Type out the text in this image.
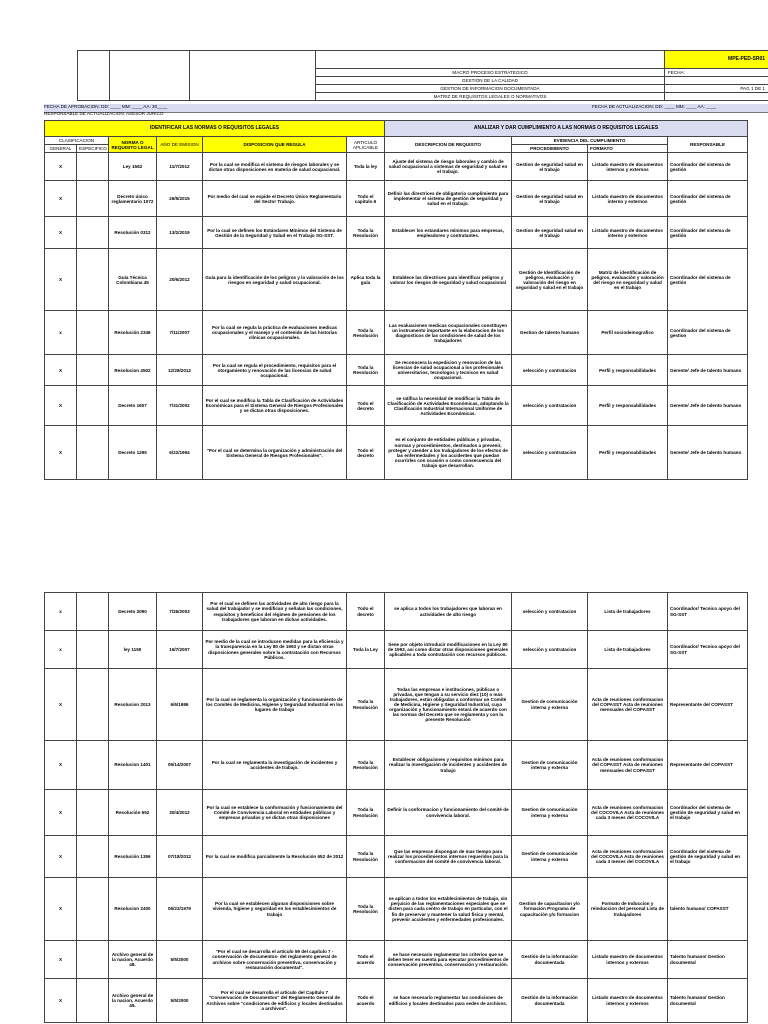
				MPE-PED-SR01

			MACRO PROCESO ESTRATEGICO	FECHA:
			GESTION DE LA CALIDAD	
			GESTION DE INFORMACION DOCUMENTADA	PAG 1 DE 1
			MATRIZ DE REQUISITOS LEGALES O NORMATIVOS	
FECHA DE APROBACION: DD: ____ MM: ____ AA: 20____	FECHA DE ACTUALIZACION: DD: ____ MM: ____ AA: ____
RESPONSABLE DE ACTUALIZACION: ASESOR JURICO
IDENTIFICAR LAS NORMAS O REQUISITOS LEGALES						ANALIZAR Y DAR CUMPLIMIENTO A LAS NORMAS O REQUISITOS LEGALES			
CLASIFICACION		NORMA O REQUISITO LEGAL	AÑO DE EMISION	DISPOSICION QUE REGULA	ARTICULO APLICABLE	DESCRIPCION DE REQUISITO	EVIDENCIA DEL CUMPLIMIENTO		RESPONSABLE
GENERAL	ESPECIFICO						PROCEDIMIENTO	FORMATO	
X		Ley 1562	11/7/2012	Por la cual se modifica el sistema de riesgos laborales y se dictan otras disposiciones en materia de salud ocupacional.	Toda la ley	Ajuste del sistema de riesgo laborales y cambio de salud ocupacional a sistemas de seguridad y salud en el trabajo.	Gestion de seguridad salud en el trabajo	Listado maestro de documentos internos y externos	Coordinador del sistema de gestión
X		Decreto único reglamentario 1072	26/5/2015	Por medio del cual se expide el Decreto Único Reglamentario del Sector Trabajo.	Todo el capitulo 6	Definir las directrices de obligatorio cumplimiento para implementar el sistema de gestión de seguridad y salud en el trabajo.	Gestion de seguridad salud en el trabajo	Listado maestro de documentos interno y externos	Coordinador del sistema de gestión
X		Resolución 0312	13/2/2019	Por la cual se definen los Estándares Mínimos del Sistema de Gestión de la Seguridad y Salud en el Trabajo SG-SST.	Toda la Resolución	Establecer los estandares minimos para empresas, empleadores y contratantes.	Gestion de seguridad salud en el trabajo	Listado maestro de documentos interno y externos	Coordinador del sistema de gestión
X		Guía Técnica Colombiana 45	20/6/2012	Guía para la identificación de los peligros y la valoración de los riesgos en seguridad y salud ocupacional.	Aplica toda la guía	Establece las directrices para identificar peligros y valorar los riesgos de seguridad y salud ocupacional	Gestión de Identificación de peligros, evaluación y valoración del riesgo en seguridad y salud en el trabajo	Matriz de identificación de peligros, evaluación y valoración del riesgo en seguridad y salud en el trabajo	Coordinador del sistema de gestión
x		Resolución 2346	7/11/2007	Por la cual se regula la práctica de evaluaciones medicas ocupacionales y el manejo y el contenido de las historias clínicas ocupacionales.	Toda la Resolución	Las evaluaciones medicas ocupacionales constituyen un instrumento importante en la elaboracion de los diagnosticos de las condiciones de salud de los trabajadores	Gestion de talento humano	Perfil sociodemografico	Coordinador del sistema de gestion
X		Resolucion 4502	12/28/2012	Por la cual se regula el procedimiento, requisitos para el otorgamiento y renovación de las licencias de salud ocupacional.	Toda la Resolución	Se reconocera la expedicion y renovacion de las licencias de salud ocupacional a los profesionales universitarios, tecnologos y tecnicos en salud ocupacional.	selección y contratacion	Perfil y responsabilidades	Gerente/ Jefe de talento humano
X		Decreto 1607	7/31/2002	Por el cual se modifica la Tabla de Clasificación de Actividades Económicas para el Sistema General de Riesgos Profesionales y se dictan otras disposiciones.	Todo el decreto	se ratifica la necesidad de modificar la Tabla de Clasificación de Actividades Económicas, adoptando la Clasificación Industrial Internacional Uniforme de Actividades Económicas.	selección y contratacion	Perfil y responsabilidades	Gerente/ Jefe de talento humano
X		Decreto 1295	6/22/1994	"Por el cual se determina la organización y administración del Sistema General de Riesgos Profesionales".	Todo el decreto	es el conjunto de entidades públicas y privadas, normas y procedimientos, destinados a prevenir, proteger y atender a los trabajadores de los efectos de las enfermedades y los accidentes que puedan ocurrirles con ocasión o como consecuencia del trabajo que desarrollan.	selección y contratacion	Perfil y responsabilidades	Gerente/ Jefe de talento humano
x		Decreto 2090	7/26/2003	Por el cual se definen las actividades de alto riesgo para la salud del trabajador y se modifican y señalan las condiciones, requisitos y beneficios del régimen de pensiones de los trabajadores que laboran en dichas actividades.	Todo el decreto	se aplica a todos los trabajadores que laboran en actividades de alto riesgo	selección y contratacion	Lista de trabajadores	Coordinador/ Tecnico apoyo del SG-SST
x		ley 1150	16/7/2007	Por medio de la cual se introducen medidas para la eficiencia y la transparencia en la Ley 80 de 1993 y se dictan otras disposiciones generales sobre la contratación con Recursos Públicos.	Toda la Ley	tiene por objeto introducir modificaciones en la Ley 80 de 1993, así como dictar otras disposiciones generales aplicables a toda contratación con recursos públicos.	selección y contratacion	Lista de trabajadores	Coordinador/ Tecnico apoyo del SG-SST
X		Resolucion 2013	6/6/1986	Por la cual se reglamenta la organización y funcionamiento de los Comités de Medicina, Higiene y Seguridad Industrial en los lugares de trabajo	Toda la Resolución	Todas las empresas e instituciones, públicas o privadas, que tengan a su servicio diez (10) o más trabajadores, están obligadas a conformar un Comité de Medicina, Higiene y Seguridad Industrial, cuya organización y funcionamiento estará de acuerdo con las normas del Decreto que se reglamenta y con la presente Resolución	Gestion de comunicación interna y externa	Acta de reuniones conformacion del COPASST Acta de reuniones mensuales del COPASST	Representante del COPASST
X		Resolucion 1401	05/14/2007	Por la cual se reglamenta la investigación de incidentes y accidentes de trabajo.	Toda la Resolución	Establecer obligaciones y requisitos mínimos para realizar la investigación de incidentes y accidentes de trabajo	Gestion de comunicación interna y externa	Acta de reuniones conformacion del COPASST Acta de reuniones mensuales del COPASST	Representante del COPASST
X		Resolución 652	30/4/2012	Por la cual se establece la conformación y funcionamiento del Comité de Convivencia Laboral en entidades públicas y empresas privadas y se dictan otras disposiciones	Toda la Resolución	Definir la conformacion y funcionamiento del comité de convivencia laboral.	Gestion de comunicación interna y externa	Acta de reuniones conformacion del COCOVILA Acta de reuniones cada 3 meses del COCOVILA	Coordinador del sistema de gestión de seguridad y salud en el trabajo
X		Resolución 1356	07/18/2012	Por la cual se modifica parcialmente la Resolución 652 de 2012	Toda la Resolución	Que las empresas dispongan de mas tiempo para realizar los procedimientos internos requeridos para la conformacion del comité de convivencia laboral.	Gestion de comunicación interna y externa	Acta de reuniones conformacion del COCOVILA Acta de reuniones cada 3 meses del COCOVILA	Coordinador del sistema de gestión de seguridad y salud en el trabajo
X		Resolucion 2400	05/22/1979	Por la cual se establecen algunas disposiciones sobre vivienda, higiene y seguridad en los establecimientos de trabajo	Toda la Resolución	se aplican a todos los establecimientos de trabajo, sin perjuicio de las reglamentaciones especiales que se dicten para cada centro de trabajo en particular, con el fin de preservar y mantener la salud física y mental, prevenir accidentes y enfermedades profesionales.	Gestion de capacitacion y/o formacion Programa de capacitación y/o formacion	Formato de Induccion y reinduccion del personal Lista de trabajadores	talento humano/ COPASST
X		Archivo general de la nacion, Acuerdo 48.	5/5/2000	"Por el cual se desarrolla el artículo 59 del capítulo 7 - conservación de documentos- del reglamento general de archivos sobre conservación preventiva, conservación y restauración documental".	Todo el acuerdo	se hace necesario reglamentar los criterios que se deben tener en cuenta para ejecutar procedimientos de conservación preventiva, conservación y restauración.	Gestión de la información documentada	Listado maestro de documentos internos y externos	Talento humano/ Gestion documental
X		Archivo general de la nacion, Acuerdo 49.	5/5/2000	Por el cual se desarrolla el artículo del Capítulo 7 "Conservación de Documentos" del Reglamento General de Archivos sobre "condiciones de edificios y locales destinados a archivos".	Todo el acuerdo	se hace necesario reglamentar las condiciones de edificios y locales destinados para sedes de archivos.	Gestión de la información documentada	Listado maestro de documentos internos y externos	Talento humano/ Gestion documental
